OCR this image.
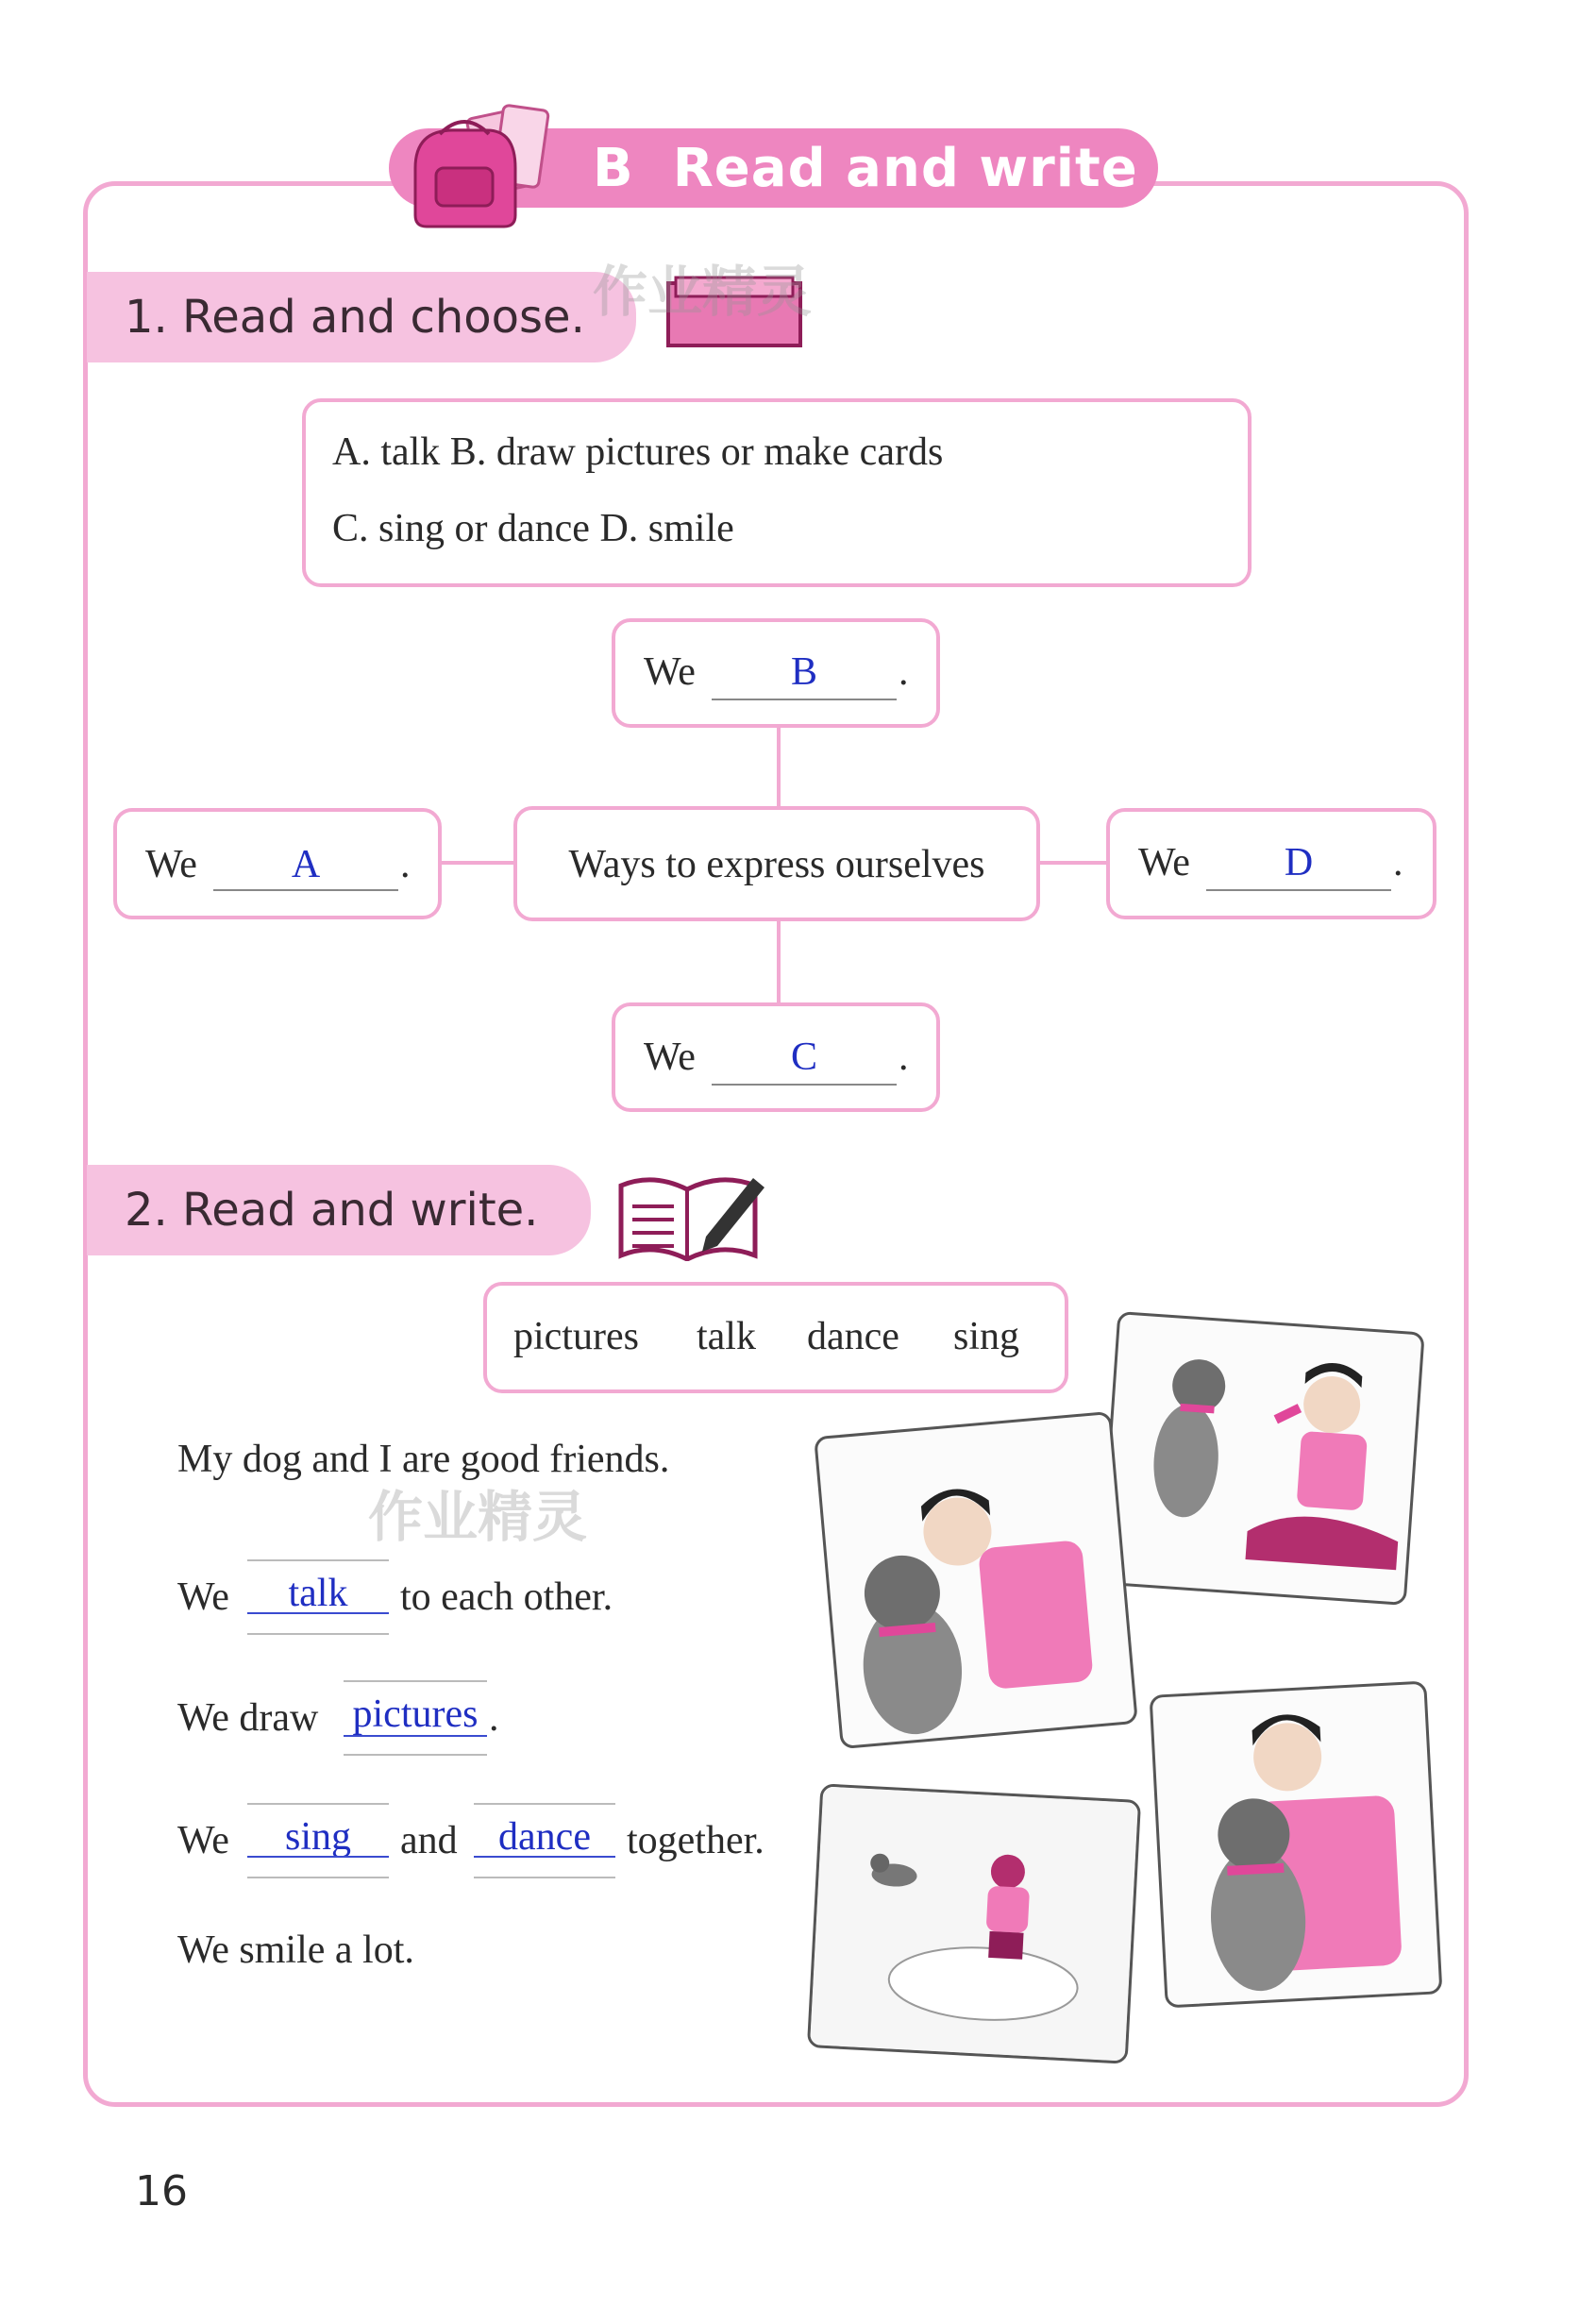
B Read and write
1. Read and choose. 作业精灵
A. talk B. draw pictures or make cards
C. sing or dance D. smile
We	B	.
We	A	.	Ways to express ourselves	We	D	.
We	C	.
2. Read and write.
pictures talk dance sing
My dog and I are good friends.
作业精灵
We	talk	to each other.
We draw pictures .
We	sing	and	dance together.
We smile a lot.
16
